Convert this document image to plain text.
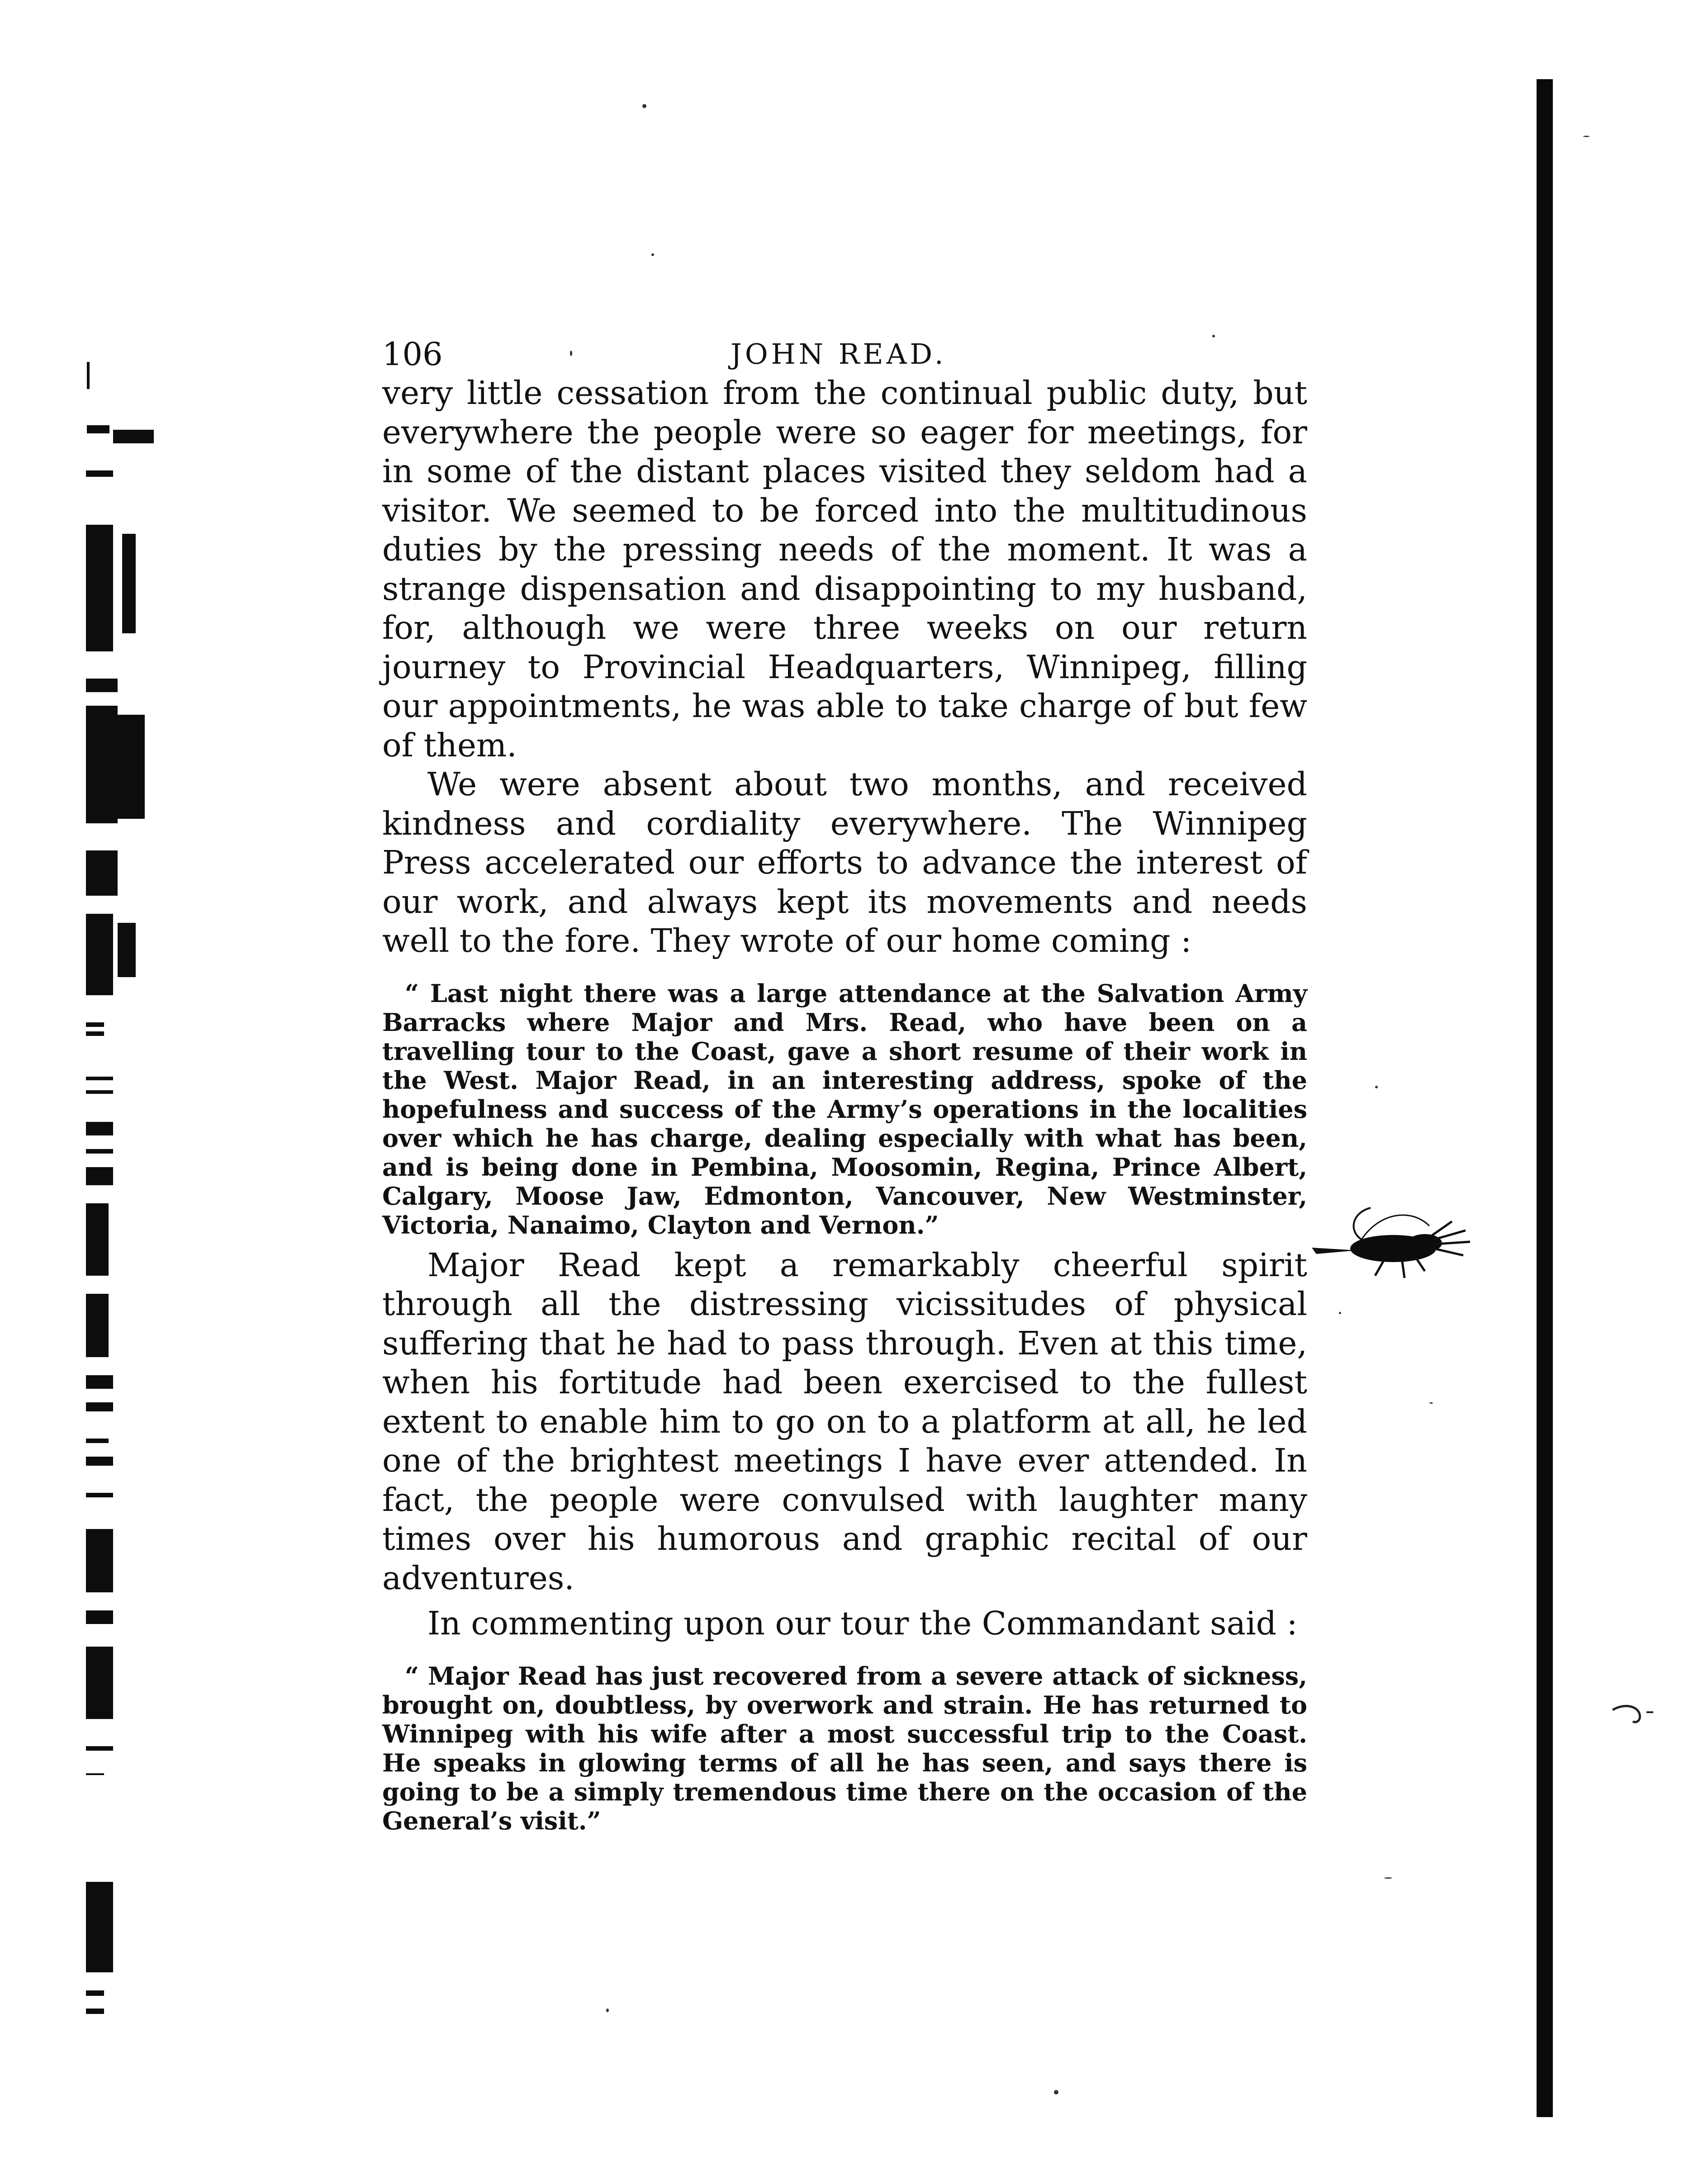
106	JOHN READ.

very little cessation from the continual public duty, but everywhere the people were so eager for meetings, for in some of the distant places visited they seldom had a visitor. We seemed to be forced into the multitudinous duties by the pressing needs of the moment. It was a strange dispensation and disappointing to my husband, for, although we were three weeks on our return journey to Provincial Headquarters, Winnipeg, filling our appointments, he was able to take charge of but few of them.

We were absent about two months, and received kindness and cordiality everywhere. The Winnipeg Press accelerated our efforts to advance the interest of our work, and always kept its movements and needs well to the fore. They wrote of our home coming :

“ Last night there was a large attendance at the Salvation Army Barracks where Major and Mrs. Read, who have been on a travelling tour to the Coast, gave a short resume of their work in the West. Major Read, in an interesting address, spoke of the hopefulness and success of the Army’s operations in the localities over which he has charge, dealing especially with what has been, and is being done in Pembina, Moosomin, Regina, Prince Albert, Calgary, Moose Jaw, Edmonton, Vancouver, New Westminster, Victoria, Nanaimo, Clayton and Vernon.”

Major Read kept a remarkably cheerful spirit through all the distressing vicissitudes of physical suffering that he had to pass through. Even at this time, when his fortitude had been exercised to the fullest extent to enable him to go on to a platform at all, he led one of the brightest meetings I have ever attended. In fact, the people were convulsed with laughter many times over his humorous and graphic recital of our adventures.

In commenting upon our tour the Commandant said :

“ Major Read has just recovered from a severe attack of sickness, brought on, doubtless, by overwork and strain. He has returned to Winnipeg with his wife after a most successful trip to the Coast. He speaks in glowing terms of all he has seen, and says there is going to be a simply tremendous time there on the occasion of the General’s visit.”
